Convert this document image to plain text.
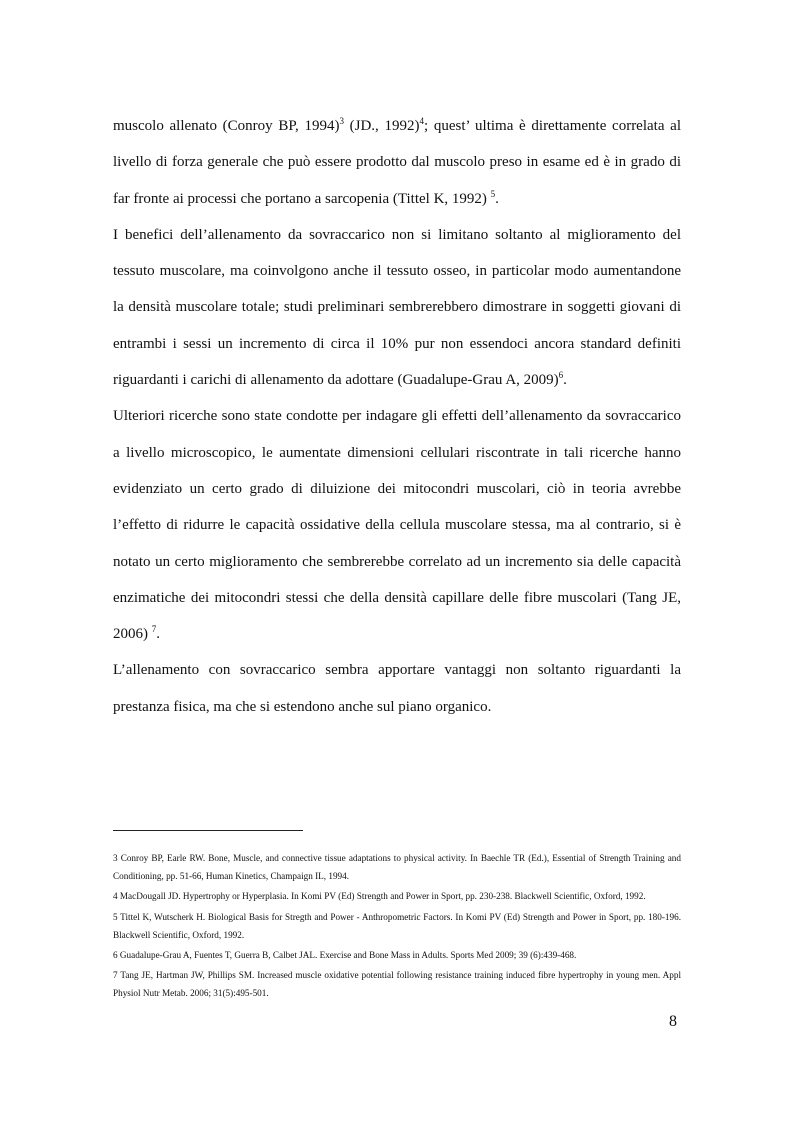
muscolo allenato (Conroy BP, 1994)$^3$ (JD., 1992)$^4$; quest’ ultima è direttamente correlata al livello di forza generale che può essere prodotto dal muscolo preso in esame ed è in grado di far fronte ai processi che portano a sarcopenia (Tittel K, 1992) $^5$.

I benefici dell’allenamento da sovraccarico non si limitano soltanto al miglioramento del tessuto muscolare, ma coinvolgono anche il tessuto osseo, in particolar modo aumentandone la densità muscolare totale; studi preliminari sembrerebbero dimostrare in soggetti giovani di entrambi i sessi un incremento di circa il 10% pur non essendoci ancora standard definiti riguardanti i carichi di allenamento da adottare (Guadalupe-Grau A, 2009)$^6$.

Ulteriori ricerche sono state condotte per indagare gli effetti dell’allenamento da sovraccarico a livello microscopico, le aumentate dimensioni cellulari riscontrate in tali ricerche hanno evidenziato un certo grado di diluizione dei mitocondri muscolari, ciò in teoria avrebbe l’effetto di ridurre le capacità ossidative della cellula muscolare stessa, ma al contrario, si è notato un certo miglioramento che sembrerebbe correlato ad un incremento sia delle capacità enzimatiche dei mitocondri stessi che della densità capillare delle fibre muscolari (Tang JE, 2006) $^7$.

L’allenamento con sovraccarico sembra apportare vantaggi non soltanto riguardanti la prestanza fisica, ma che si estendono anche sul piano organico.

3 Conroy BP, Earle RW. Bone, Muscle, and connective tissue adaptations to physical activity. In Baechle TR (Ed.), Essential of Strength Training and Conditioning, pp. 51-66, Human Kinetics, Champaign IL, 1994.

4 MacDougall JD. Hypertrophy or Hyperplasia. In Komi PV (Ed) Strength and Power in Sport, pp. 230-238. Blackwell Scientific, Oxford, 1992.

5 Tittel K, Wutscherk H. Biological Basis for Stregth and Power - Anthropometric Factors. In Komi PV (Ed) Strength and Power in Sport, pp. 180-196. Blackwell Scientific, Oxford, 1992.

6 Guadalupe-Grau A, Fuentes T, Guerra B, Calbet JAL. Exercise and Bone Mass in Adults. Sports Med 2009; 39 (6):439-468.

7 Tang JE, Hartman JW, Phillips SM. Increased muscle oxidative potential following resistance training induced fibre hypertrophy in young men. Appl Physiol Nutr Metab. 2006; 31(5):495-501.

8
